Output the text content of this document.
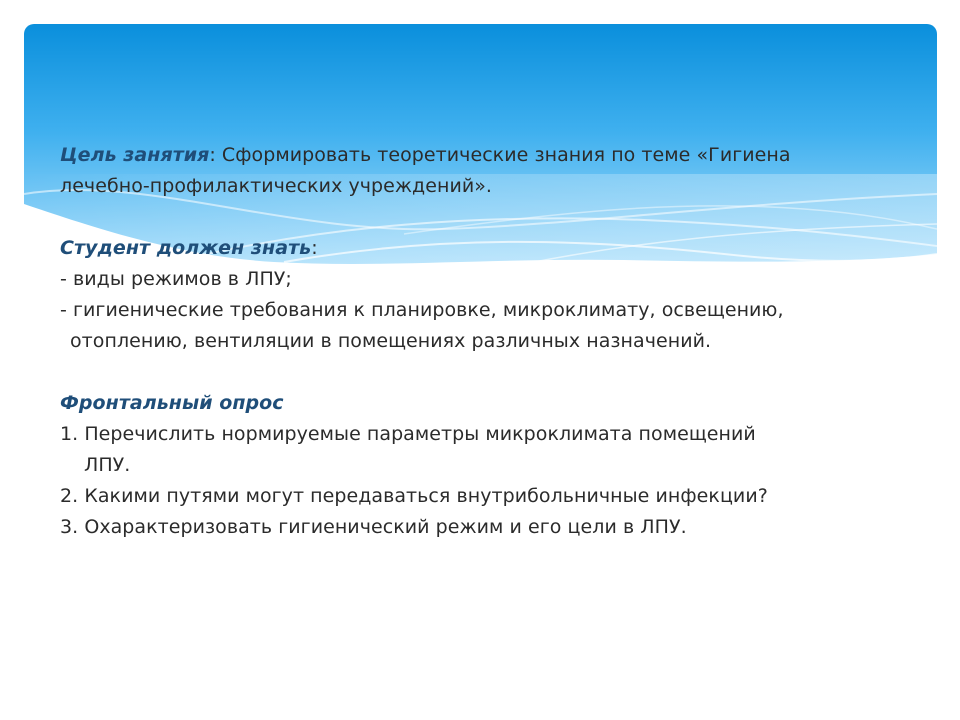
Цель занятия: Сформировать теоретические знания по теме «Гигиена
лечебно-профилактических учреждений».
Студент должен знать:
- виды режимов в ЛПУ;
- гигиенические требования к планировке, микроклимату, освещению,
отоплению, вентиляции в помещениях различных назначений.
Фронтальный опрос
1. Перечислить нормируемые параметры микроклимата помещений
ЛПУ.
2. Какими путями могут передаваться внутрибольничные инфекции?
3. Охарактеризовать гигиенический режим и его цели в ЛПУ.
